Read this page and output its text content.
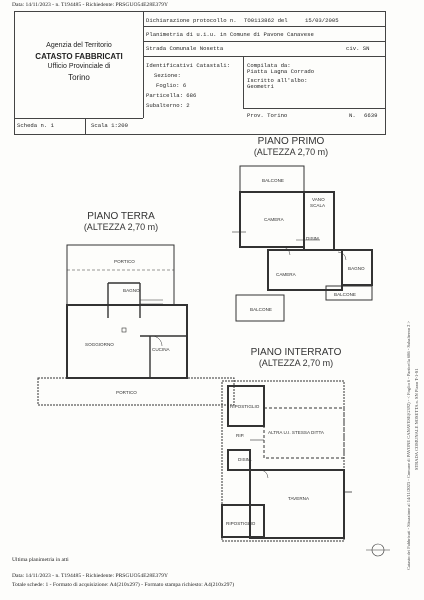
Data: 14/11/2023 - n. T194485 - Richiedente: PRSGUO54E28E379Y
Agenzia del Territorio
CATASTO FABBRICATI
Ufficio Provinciale di
Torino
Dichiarazione protocollo n. TO0113862 del	15/03/2005
Planimetria di u.i.u. in Comune di Pavone Canavese
Strada Comunale Nosetta	civ. SN
Identificativi Catastali:
Sezione:
Foglio: 6
Particella: 686
Subalterno: 2
Compilata da:
Piatta Lagna Corrado
Iscritto all'albo:
Geometri
Prov. Torino	N. 6639
Scheda n. 1	Scala 1:200
PIANO TERRA
(ALTEZZA 2,70 m)
PIANO PRIMO
(ALTEZZA 2,70 m)
PIANO INTERRATO
(ALTEZZA 2,70 m)
PORTICO
BAGNO
SOGGIORNO
CUCINA
PORTICO
BALCONE
CAMERA
VANO
SCALA
DISIM.
CAMERA
BAGNO
BALCONE
BALCONE
RIPOSTIGLIO
RIP.
ALTRA U.I. STESSA DITTA
DISIM.
TAVERNA
RIPOSTIGLIO	Catasto dei Fabbricati - Situazione al 14/11/2023 - Comune di PAVONE CANAVESE(G392) - < Foglio 6 - Particella 686 - Subalterno 2 > STRADA COMUNALE NOSETTA n. SN Piano T-1-S1
Ultima planimetria in atti
Data: 14/11/2023 - n. T194485 - Richiedente: PRSGUO54E28E379Y
Totale schede: 1 - Formato di acquisizione: A4(210x297) - Formato stampa richiesto: A4(210x297)
